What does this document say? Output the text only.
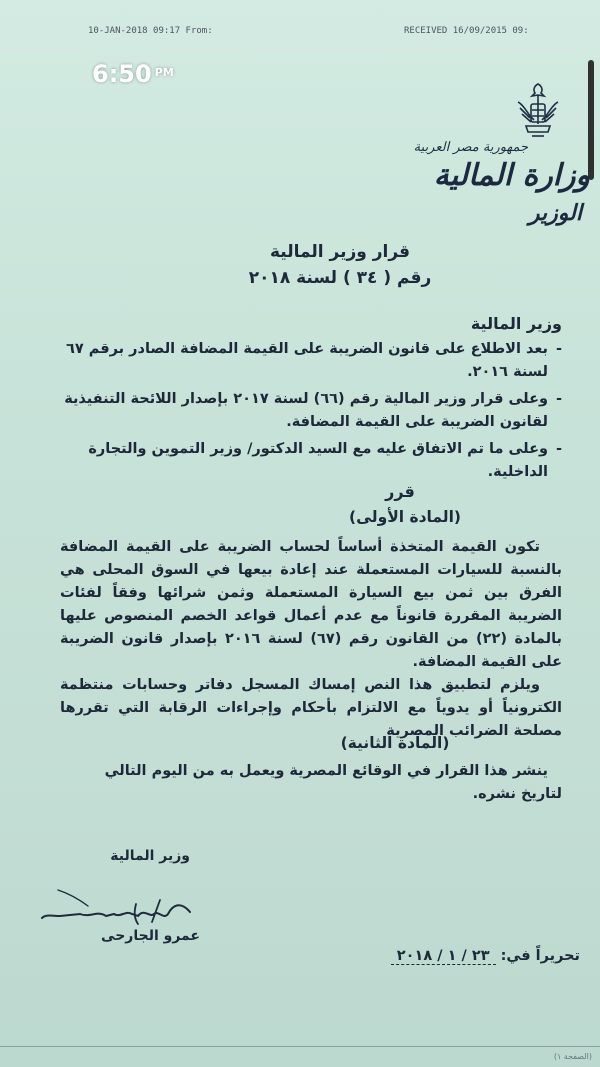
10-JAN-2018 09:17 From:	RECEIVED 16/09/2015 09:
6:50 $^{PM}$
جمهورية مصر العربية
وزارة المالية
الوزير
قرار وزير المالية
رقم ( ٣٤ ) لسنة ٢٠١٨
وزير المالية
- بعد الاطلاع على قانون الضريبة على القيمة المضافة الصادر برقم ٦٧ لسنة ٢٠١٦.
- وعلى قرار وزير المالية رقم (٦٦) لسنة ٢٠١٧ بإصدار اللائحة التنفيذية لقانون الضريبة على القيمة المضافة.
- وعلى ما تم الاتفاق عليه مع السيد الدكتور/ وزير التموين والتجارة الداخلية.
قرر
(المادة الأولى)

تكون القيمة المتخذة أساساً لحساب الضريبة على القيمة المضافة بالنسبة للسيارات المستعملة عند إعادة بيعها في السوق المحلى هي الفرق بين ثمن بيع السيارة المستعملة وثمن شرائها وفقاً لفئات الضريبة المقررة قانوناً مع عدم أعمال قواعد الخصم المنصوص عليها بالمادة (٢٢) من القانون رقم (٦٧) لسنة ٢٠١٦ بإصدار قانون الضريبة على القيمة المضافة.

ويلزم لتطبيق هذا النص إمساك المسجل دفاتر وحسابات منتظمة الكترونياً أو يدوياً مع الالتزام بأحكام وإجراءات الرقابة التي تقررها مصلحة الضرائب المصرية

(المادة الثانية)

ينشر هذا القرار في الوقائع المصرية ويعمل به من اليوم التالي لتاريخ نشره.

وزير المالية
عمرو الجارحى
تحريراً في: ٢٣ / ١ / ٢٠١٨
(الصفحة ١)
